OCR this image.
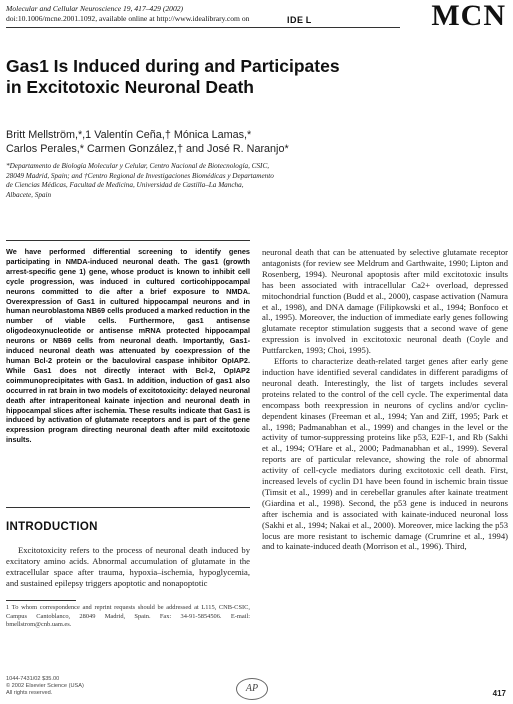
Molecular and Cellular Neuroscience 19, 417–429 (2002)
doi:10.1006/mcne.2001.1092, available online at http://www.idealibrary.com on	IDE L	MCN
Gas1 Is Induced during and Participates
in Excitotoxic Neuronal Death
Britt Mellström,*,1 Valentín Ceña,† Mónica Lamas,*
Carlos Perales,* Carmen González,† and José R. Naranjo*
*Departamento de Biología Molecular y Celular, Centro Nacional de Biotecnología, CSIC,
28049 Madrid, Spain; and †Centro Regional de Investigaciones Biomédicas y Departamento
de Ciencias Médicas, Facultad de Medicina, Universidad de Castilla–La Mancha,
Albacete, Spain
We have performed differential screening to identify genes participating in NMDA-induced neuronal death. The gas1 (growth arrest-specific gene 1) gene, whose product is known to inhibit cell cycle progression, was induced in cultured corticohippocampal neurons committed to die after a brief exposure to NMDA. Overexpression of Gas1 in cultured hippocampal neurons and in human neuroblastoma NB69 cells produced a marked reduction in the number of viable cells. Furthermore, gas1 antisense oligodeoxynucleotide or antisense mRNA protected hippocampal neurons or NB69 cells from neuronal death. Importantly, Gas1-induced neuronal death was attenuated by coexpression of the human Bcl-2 protein or the baculoviral caspase inhibitor OpIAP2. While Gas1 does not directly interact with Bcl-2, OpIAP2 coimmunoprecipitates with Gas1. In addition, induction of gas1 also occurred in rat brain in two models of excitotoxicity: delayed neuronal death after intraperitoneal kainate injection and neuronal death in hippocampal slices after ischemia. These results indicate that Gas1 is induced by activation of glutamate receptors and is part of the gene expression program directing neuronal death after mild excitotoxic insults.
INTRODUCTION
Excitotoxicity refers to the process of neuronal death induced by excitatory amino acids. Abnormal accumulation of glutamate in the extracellular space after trauma, hypoxia–ischemia, hypoglycemia, and sustained epilepsy triggers apoptotic and nonapoptotic
1 To whom correspondence and reprint requests should be addressed at L115, CNB-CSIC, Campus Cantoblanco, 28049 Madrid, Spain. Fax: 34-91-5854506. E-mail: bmellstrom@cnb.uam.es.

neuronal death that can be attenuated by selective glutamate receptor antagonists (for review see Meldrum and Garthwaite, 1990; Lipton and Rosenberg, 1994). Neuronal apoptosis after mild excitotoxic insults has been associated with intracellular Ca2+ overload, depressed mitochondrial function (Budd et al., 2000), caspase activation (Namura et al., 1998), and DNA damage (Filipkowski et al., 1994; Bonfoco et al., 1995). Moreover, the induction of immediate early genes following glutamate receptor stimulation suggests that a second wave of gene expression is involved in excitotoxic neuronal death (Coyle and Puttfarcken, 1993; Choi, 1995).

Efforts to characterize death-related target genes after early gene induction have identified several candidates in different paradigms of neuronal death. Interestingly, the list of targets includes several proteins related to the control of the cell cycle. The experimental data encompass both reexpression in neurons of cyclins and/or cyclin-dependent kinases (Freeman et al., 1994; Yan and Ziff, 1995; Park et al., 1998; Padmanabhan et al., 1999) and changes in the level or the activity of tumor-suppressing proteins like p53, E2F-1, and Rb (Sakhi et al., 1994; O'Hare et al., 2000; Padmanabhan et al., 1999). Several reports are of particular relevance, showing the role of abnormal activity of cell-cycle mediators during excitotoxic cell death. First, increased levels of cyclin D1 have been found in ischemic brain tissue (Timsit et al., 1999) and in cerebellar granules after kainate treatment (Giardina et al., 1998). Second, the p53 gene is induced in neurons after ischemia and is associated with kainate-induced neuronal loss (Sakhi et al., 1994; Nakai et al., 2000). Moreover, mice lacking the p53 locus are more resistant to ischemic damage (Crumrine et al., 1994) and to kainate-induced death (Morrison et al., 1996). Third,

1044-7431/02 $35.00
© 2002 Elsevier Science (USA)
All rights reserved.	AP	417
